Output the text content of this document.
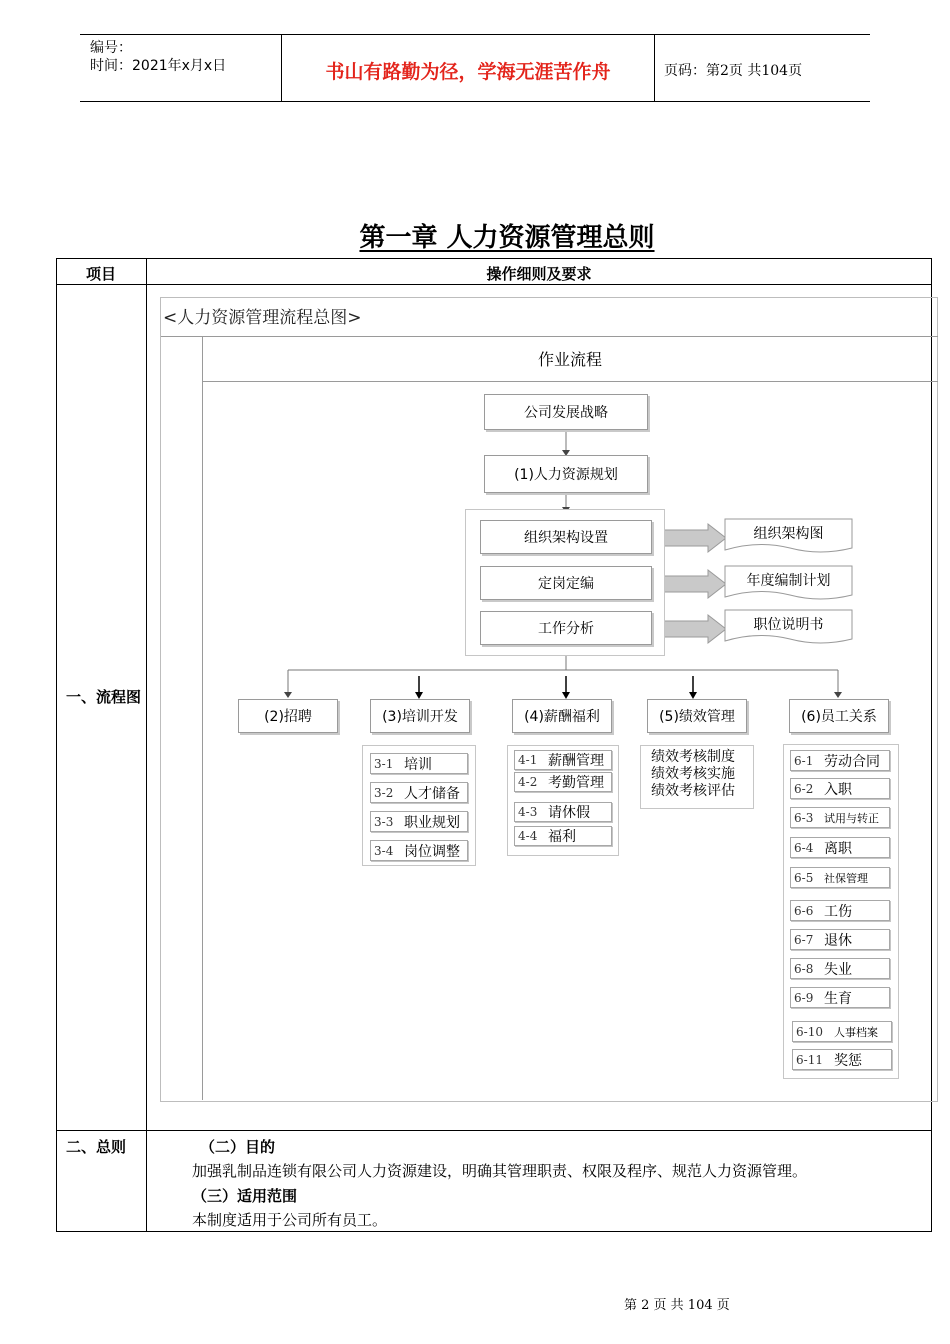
编号：
时间：2021年x月x日	书山有路勤为径，学海无涯苦作舟	页码：第2页 共104页
第一章 人力资源管理总则
项目	操作细则及要求
一、流程图
二、总则	（二）目的
加强乳制品连锁有限公司人力资源建设，明确其管理职责、权限及程序、规范人力资源管理。
（三）适用范围
本制度适用于公司所有员工。
<人力资源管理流程总图>
作业流程
公司发展战略
(1)人力资源规划
组织架构设置
定岗定编
工作分析
组织架构图
年度编制计划
职位说明书
(2)招聘	(3)培训开发	(4)薪酬福利	(5)绩效管理	(6)员工关系
3-1 培训
3-2 人才储备
3-3 职业规划
3-4 岗位调整
4-1 薪酬管理
4-2 考勤管理
4-3 请休假
4-4 福利
绩效考核制度
绩效考核实施
绩效考核评估
6-1 劳动合同
6-2 入职
6-3 试用与转正
6-4 离职
6-5 社保管理
6-6 工伤
6-7 退休
6-8 失业
6-9 生育
6-10	人事档案
6-11 奖惩
第 2 页 共 104 页
